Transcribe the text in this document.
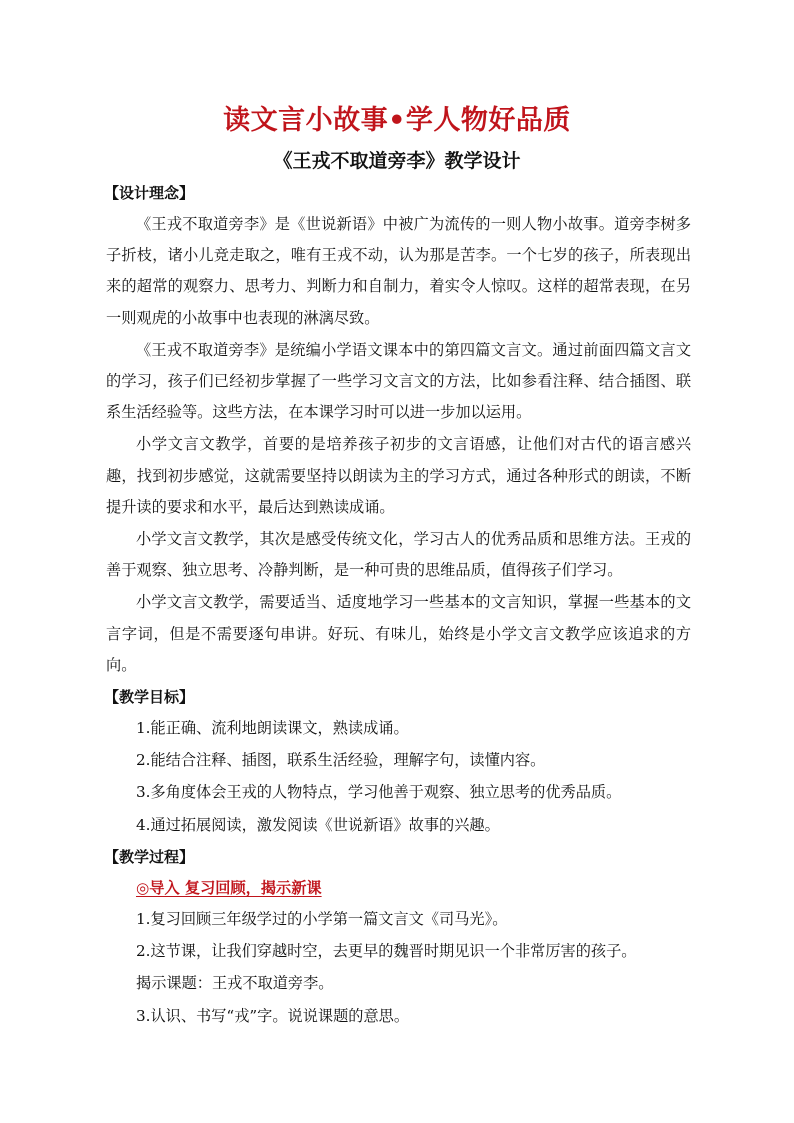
读文言小故事•学人物好品质
《王戎不取道旁李》教学设计
【设计理念】

《王戎不取道旁李》是《世说新语》中被广为流传的一则人物小故事。道旁李树多子折枝，诸小儿竞走取之，唯有王戎不动，认为那是苦李。一个七岁的孩子，所表现出来的超常的观察力、思考力、判断力和自制力，着实令人惊叹。这样的超常表现，在另一则观虎的小故事中也表现的淋漓尽致。

《王戎不取道旁李》是统编小学语文课本中的第四篇文言文。通过前面四篇文言文的学习，孩子们已经初步掌握了一些学习文言文的方法，比如参看注释、结合插图、联系生活经验等。这些方法，在本课学习时可以进一步加以运用。

小学文言文教学，首要的是培养孩子初步的文言语感，让他们对古代的语言感兴趣，找到初步感觉，这就需要坚持以朗读为主的学习方式，通过各种形式的朗读，不断提升读的要求和水平，最后达到熟读成诵。

小学文言文教学，其次是感受传统文化，学习古人的优秀品质和思维方法。王戎的善于观察、独立思考、冷静判断，是一种可贵的思维品质，值得孩子们学习。

小学文言文教学，需要适当、适度地学习一些基本的文言知识，掌握一些基本的文言字词，但是不需要逐句串讲。好玩、有味儿，始终是小学文言文教学应该追求的方向。

【教学目标】

1.能正确、流利地朗读课文，熟读成诵。

2.能结合注释、插图，联系生活经验，理解字句，读懂内容。

3.多角度体会王戎的人物特点，学习他善于观察、独立思考的优秀品质。

4.通过拓展阅读，激发阅读《世说新语》故事的兴趣。

【教学过程】
◎导入 复习回顾，揭示新课

1.复习回顾三年级学过的小学第一篇文言文《司马光》。

2.这节课，让我们穿越时空，去更早的魏晋时期见识一个非常厉害的孩子。

揭示课题：王戎不取道旁李。

3.认识、书写“戎”字。说说课题的意思。
